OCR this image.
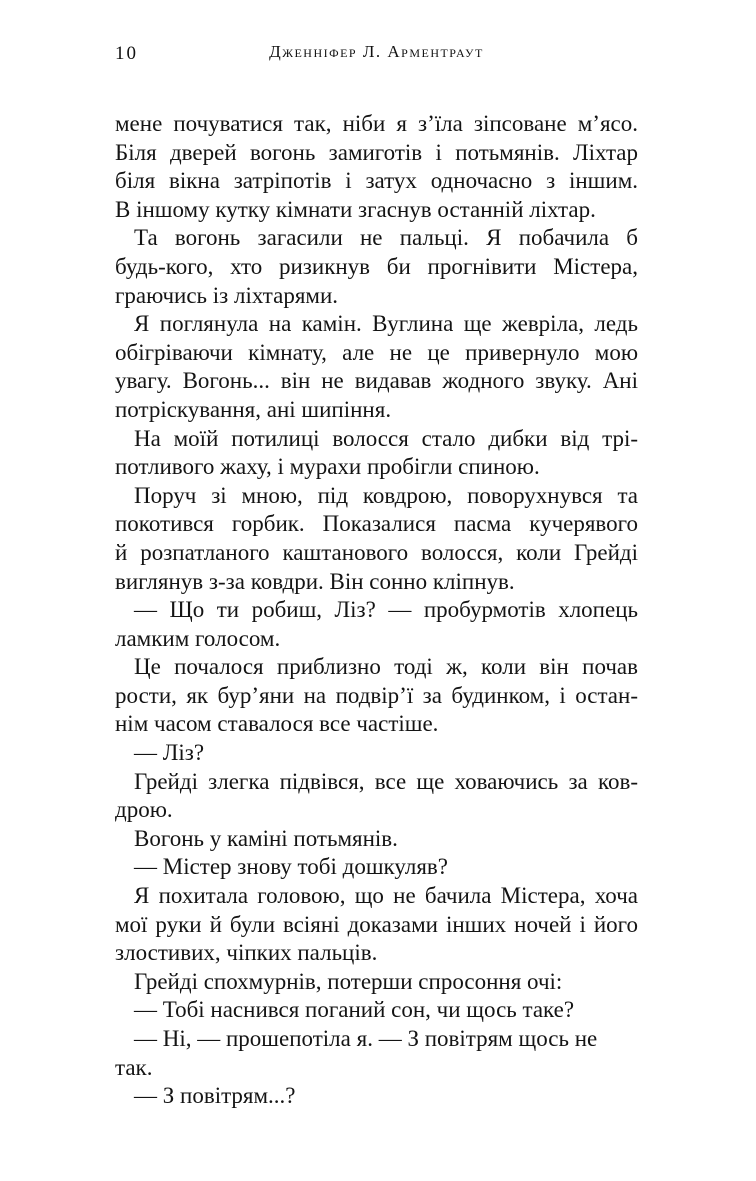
10	Дженніфер Л. Арментраут
мене почуватися так, ніби я з’їла зіпсоване м’ясо.
Біля дверей вогонь замиготів і потьмянів. Ліхтар
біля вікна затріпотів і затух одночасно з іншим.
В іншому кутку кімнати згаснув останній ліхтар.
Та вогонь загасили не пальці. Я побачила б
будь-кого, хто ризикнув би прогнівити Містера,
граючись із ліхтарями.
Я поглянула на камін. Вуглина ще жевріла, ледь
обігріваючи кімнату, але не це привернуло мою
увагу. Вогонь... він не видавав жодного звуку. Ані
потріскування, ані шипіння.
На моїй потилиці волосся стало дибки від трі-
потливого жаху, і мурахи пробігли спиною.
Поруч зі мною, під ковдрою, поворухнувся та
покотився горбик. Показалися пасма кучерявого
й розпатланого каштанового волосся, коли Грейді
виглянув з-за ковдри. Він сонно кліпнув.
— Що ти робиш, Ліз? — пробурмотів хлопець
ламким голосом.
Це почалося приблизно тоді ж, коли він почав
рости, як бур’яни на подвір’ї за будинком, і остан-
нім часом ставалося все частіше.
— Ліз?
Грейді злегка підвівся, все ще ховаючись за ков-
дрою.
Вогонь у каміні потьмянів.
— Містер знову тобі дошкуляв?
Я похитала головою, що не бачила Містера, хоча
мої руки й були всіяні доказами інших ночей і його
злостивих, чіпких пальців.
Грейді спохмурнів, потерши спросоння очі:
— Тобі наснився поганий сон, чи щось таке?
— Ні, — прошепотіла я. — З повітрям щось не так.
— З повітрям...?
